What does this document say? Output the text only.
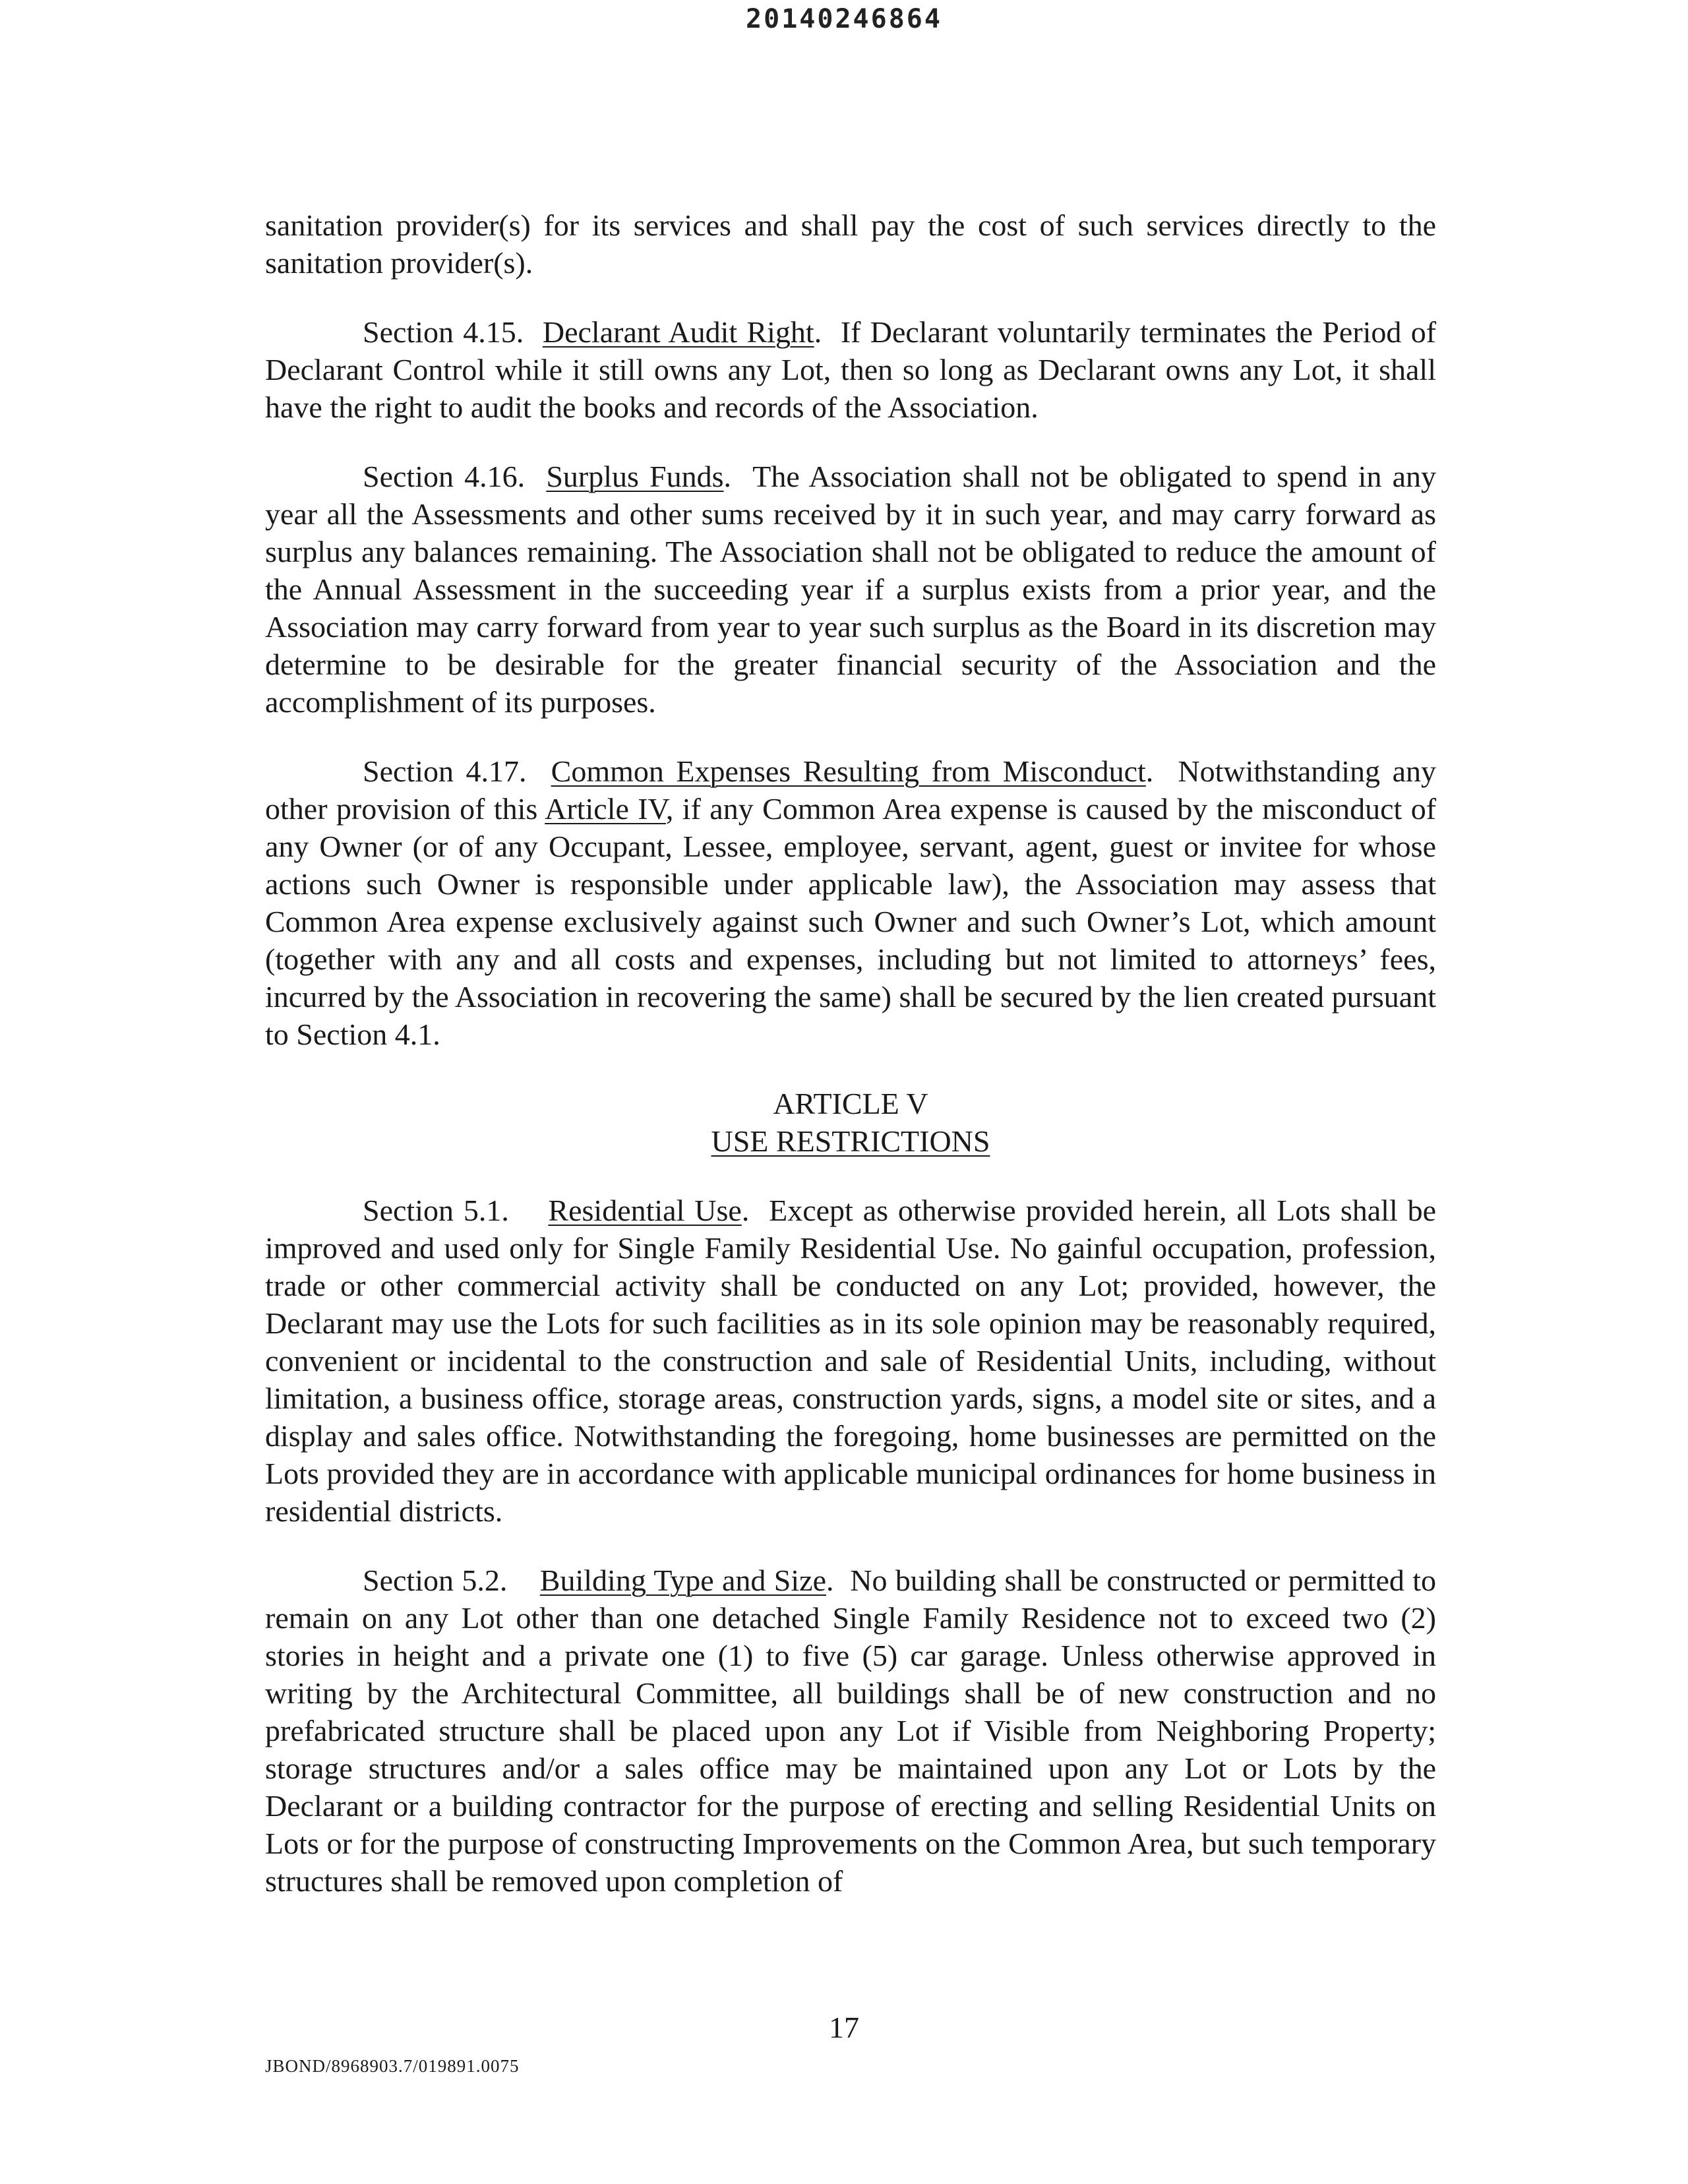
20140246864

sanitation provider(s) for its services and shall pay the cost of such services directly to the sanitation provider(s).

Section 4.15. Declarant Audit Right.  If Declarant voluntarily terminates the Period of Declarant Control while it still owns any Lot, then so long as Declarant owns any Lot, it shall have the right to audit the books and records of the Association.

Section 4.16. Surplus Funds.  The Association shall not be obligated to spend in any year all the Assessments and other sums received by it in such year, and may carry forward as surplus any balances remaining. The Association shall not be obligated to reduce the amount of the Annual Assessment in the succeeding year if a surplus exists from a prior year, and the Association may carry forward from year to year such surplus as the Board in its discretion may determine to be desirable for the greater financial security of the Association and the accomplishment of its purposes.

Section 4.17. Common Expenses Resulting from Misconduct.  Notwithstanding any other provision of this Article IV, if any Common Area expense is caused by the misconduct of any Owner (or of any Occupant, Lessee, employee, servant, agent, guest or invitee for whose actions such Owner is responsible under applicable law), the Association may assess that Common Area expense exclusively against such Owner and such Owner’s Lot, which amount (together with any and all costs and expenses, including but not limited to attorneys’ fees, incurred by the Association in recovering the same) shall be secured by the lien created pursuant to Section 4.1.

ARTICLE V
USE RESTRICTIONS

Section 5.1. Residential Use.  Except as otherwise provided herein, all Lots shall be improved and used only for Single Family Residential Use. No gainful occupation, profession, trade or other commercial activity shall be conducted on any Lot; provided, however, the Declarant may use the Lots for such facilities as in its sole opinion may be reasonably required, convenient or incidental to the construction and sale of Residential Units, including, without limitation, a business office, storage areas, construction yards, signs, a model site or sites, and a display and sales office. Notwithstanding the foregoing, home businesses are permitted on the Lots provided they are in accordance with applicable municipal ordinances for home business in residential districts.

Section 5.2. Building Type and Size.  No building shall be constructed or permitted to remain on any Lot other than one detached Single Family Residence not to exceed two (2) stories in height and a private one (1) to five (5) car garage. Unless otherwise approved in writing by the Architectural Committee, all buildings shall be of new construction and no prefabricated structure shall be placed upon any Lot if Visible from Neighboring Property; storage structures and/or a sales office may be maintained upon any Lot or Lots by the Declarant or a building contractor for the purpose of erecting and selling Residential Units on Lots or for the purpose of constructing Improvements on the Common Area, but such temporary structures shall be removed upon completion of

17
JBOND/8968903.7/019891.0075
